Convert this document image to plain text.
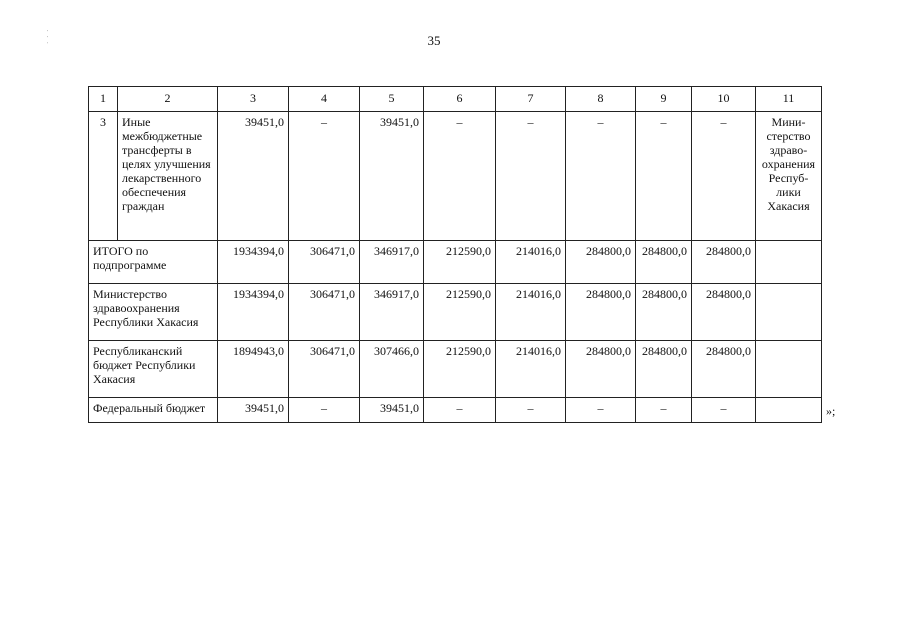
35
· · ·
1	2	3	4	5	6	7	8	9	10	11
3	Иные межбюджетные трансферты в целях улучшения лекарственного обеспечения граждан	39451,0	–	39451,0	–	–	–	–	–	Мини-стерство здраво-охранения Респуб-лики Хакасия
ИТОГО по подпрограмме		1934394,0	306471,0	346917,0	212590,0	214016,0	284800,0	284800,0	284800,0	
Министерство здравоохранения Республики Хакасия		1934394,0	306471,0	346917,0	212590,0	214016,0	284800,0	284800,0	284800,0	
Республиканский бюджет Республики Хакасия		1894943,0	306471,0	307466,0	212590,0	214016,0	284800,0	284800,0	284800,0	
Федеральный бюджет		39451,0	–	39451,0	–	–	–	–	–		»;
